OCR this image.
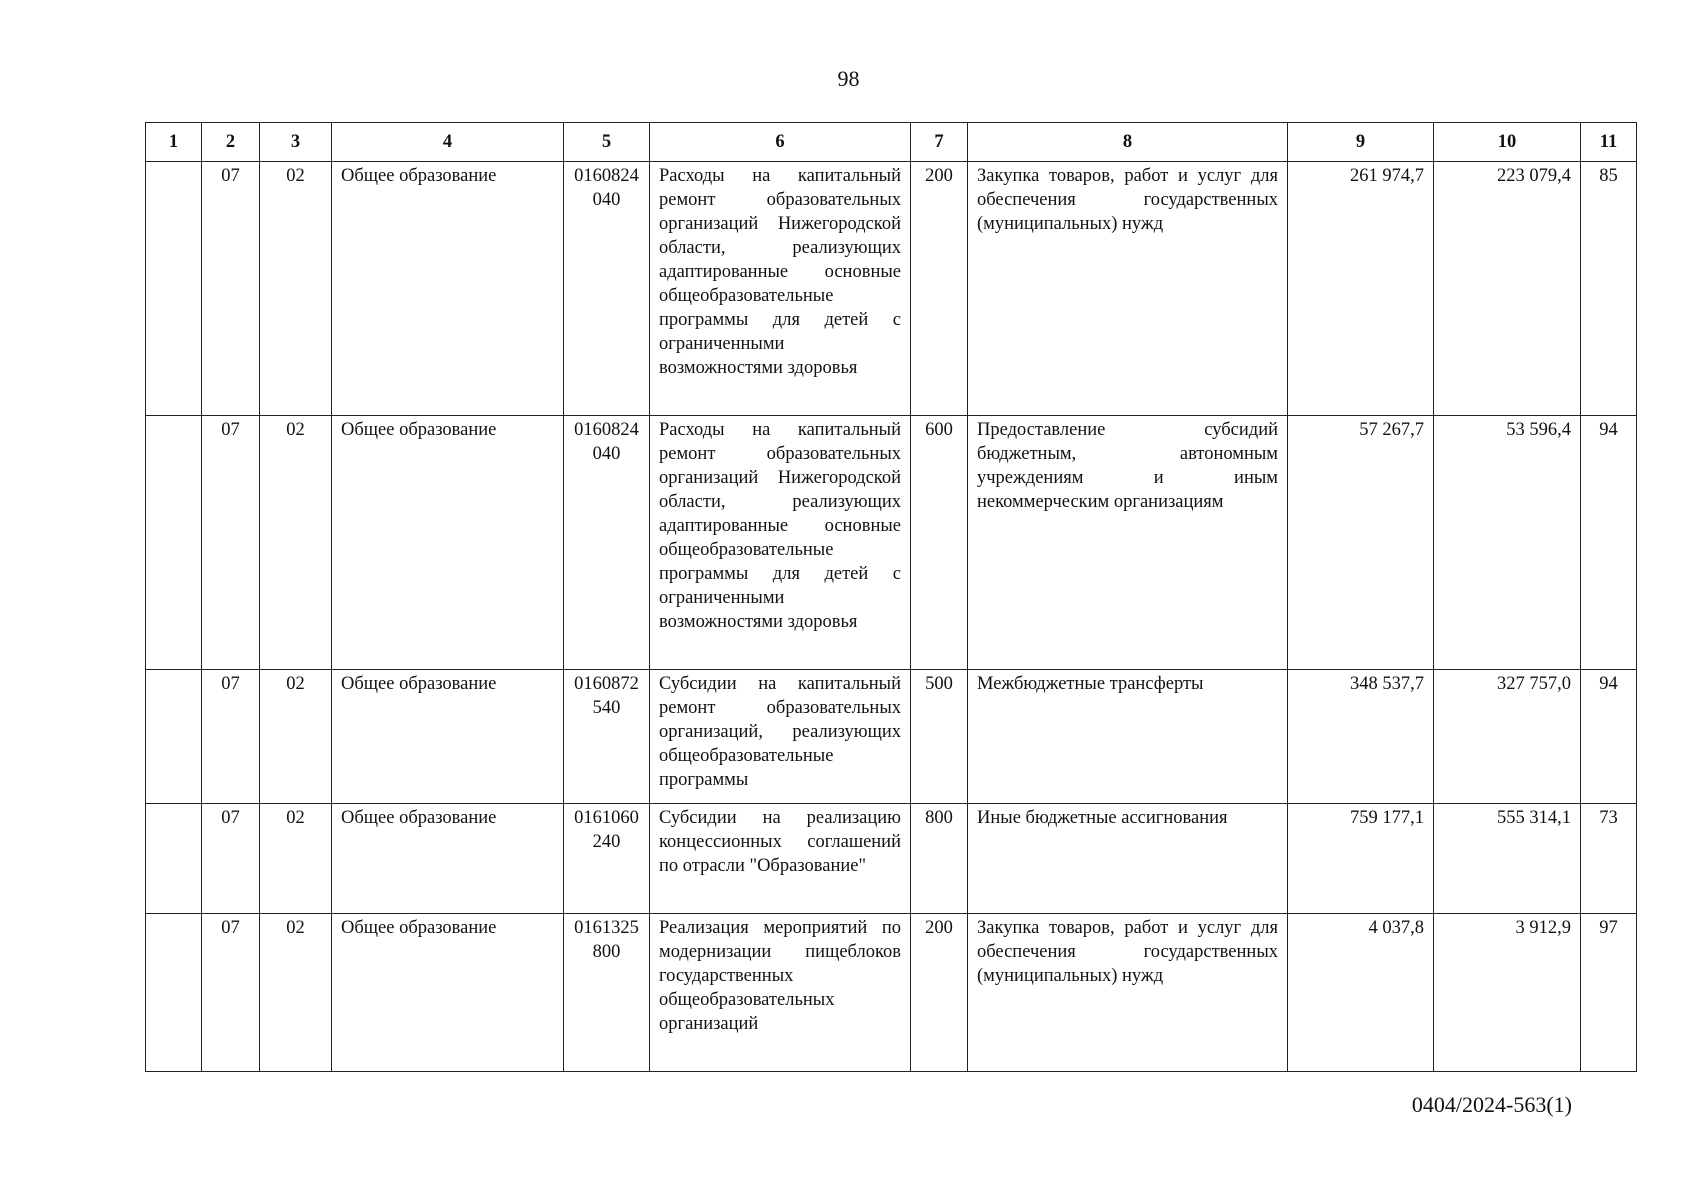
98
1	2	3	4	5	6	7	8	9	10	11
	07	02	Общее образование	0160824040	Расходы на капитальный ремонт образовательных организаций Нижегородской области, реализующих адаптированные основные общеобразовательные программы для детей с ограниченными возможностями здоровья	200	Закупка товаров, работ и услуг для обеспечения государственных (муниципальных) нужд	261 974,7	223 079,4	85
	07	02	Общее образование	0160824040	Расходы на капитальный ремонт образовательных организаций Нижегородской области, реализующих адаптированные основные общеобразовательные программы для детей с ограниченными возможностями здоровья	600	Предоставление субсидий бюджетным, автономным учреждениям и иным некоммерческим организациям	57 267,7	53 596,4	94
	07	02	Общее образование	0160872540	Субсидии на капитальный ремонт образовательных организаций, реализующих общеобразовательные программы	500	Межбюджетные трансферты	348 537,7	327 757,0	94
	07	02	Общее образование	0161060240	Субсидии на реализацию концессионных соглашений по отрасли "Образование"	800	Иные бюджетные ассигнования	759 177,1	555 314,1	73
	07	02	Общее образование	0161325800	Реализация мероприятий по модернизации пищеблоков государственных общеобразовательных организаций	200	Закупка товаров, работ и услуг для обеспечения государственных (муниципальных) нужд	4 037,8	3 912,9	97
0404/2024-563(1)
